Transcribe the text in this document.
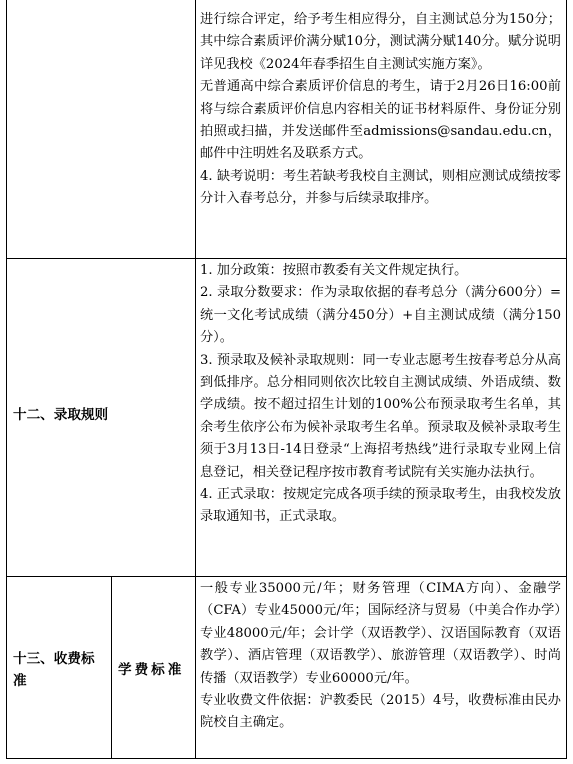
进行综合评定，给予考生相应得分，自主测试总分为150分；其中综合素质评价满分赋10分，测试满分赋140分。赋分说明详见我校《2024年春季招生自主测试实施方案》。

无普通高中综合素质评价信息的考生，请于2月26日16:00前将与综合素质评价信息内容相关的证书材料原件、身份证分别拍照或扫描，并发送邮件至admissions@sandau.edu.cn，邮件中注明姓名及联系方式。

4. 缺考说明：考生若缺考我校自主测试，则相应测试成绩按零分计入春考总分，并参与后续录取排序。

十二、录取规则

1. 加分政策：按照市教委有关文件规定执行。

2. 录取分数要求：作为录取依据的春考总分（满分600分）=统一文化考试成绩（满分450分）+自主测试成绩（满分150分）。

3. 预录取及候补录取规则：同一专业志愿考生按春考总分从高到低排序。总分相同则依次比较自主测试成绩、外语成绩、数学成绩。按不超过招生计划的100%公布预录取考生名单，其余考生依序公布为候补录取考生名单。预录取及候补录取考生须于3月13日-14日登录“上海招考热线”进行录取专业网上信息登记，相关登记程序按市教育考试院有关实施办法执行。

4. 正式录取：按规定完成各项手续的预录取考生，由我校发放录取通知书，正式录取。

十三、收费标准
学费标准

一般专业35000元/年；财务管理（CIMA方向）、金融学（CFA）专业45000元/年；国际经济与贸易（中美合作办学）专业48000元/年；会计学（双语教学）、汉语国际教育（双语教学）、酒店管理（双语教学）、旅游管理（双语教学）、时尚传播（双语教学）专业60000元/年。

专业收费文件依据：沪教委民（2015）4号，收费标准由民办院校自主确定。
